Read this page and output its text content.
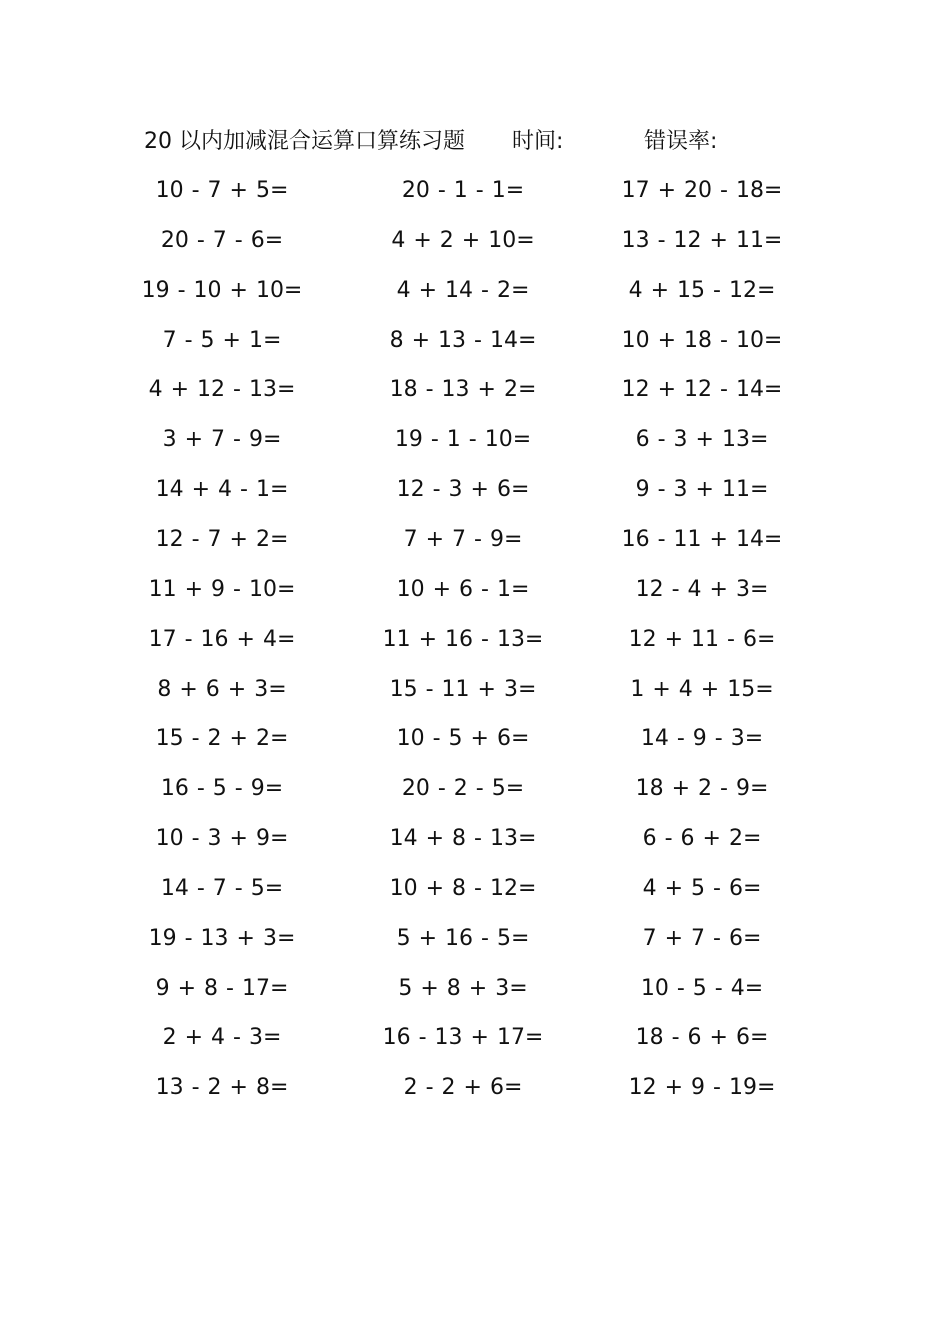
20 以内加减混合运算口算练习题 时间:	错误率:
10 - 7 + 5=	20 - 1 - 1=	17 + 20 - 18=
20 - 7 - 6=	4 + 2 + 10=	13 - 12 + 11=
19 - 10 + 10=	4 + 14 - 2=	4 + 15 - 12=
7 - 5 + 1=	8 + 13 - 14=	10 + 18 - 10=
4 + 12 - 13=	18 - 13 + 2=	12 + 12 - 14=
3 + 7 - 9=	19 - 1 - 10=	6 - 3 + 13=
14 + 4 - 1=	12 - 3 + 6=	9 - 3 + 11=
12 - 7 + 2=	7 + 7 - 9=	16 - 11 + 14=
11 + 9 - 10=	10 + 6 - 1=	12 - 4 + 3=
17 - 16 + 4=	11 + 16 - 13=	12 + 11 - 6=
8 + 6 + 3=	15 - 11 + 3=	1 + 4 + 15=
15 - 2 + 2=	10 - 5 + 6=	14 - 9 - 3=
16 - 5 - 9=	20 - 2 - 5=	18 + 2 - 9=
10 - 3 + 9=	14 + 8 - 13=	6 - 6 + 2=
14 - 7 - 5=	10 + 8 - 12=	4 + 5 - 6=
19 - 13 + 3=	5 + 16 - 5=	7 + 7 - 6=
9 + 8 - 17=	5 + 8 + 3=	10 - 5 - 4=
2 + 4 - 3=	16 - 13 + 17=	18 - 6 + 6=
13 - 2 + 8=	2 - 2 + 6=	12 + 9 - 19=
